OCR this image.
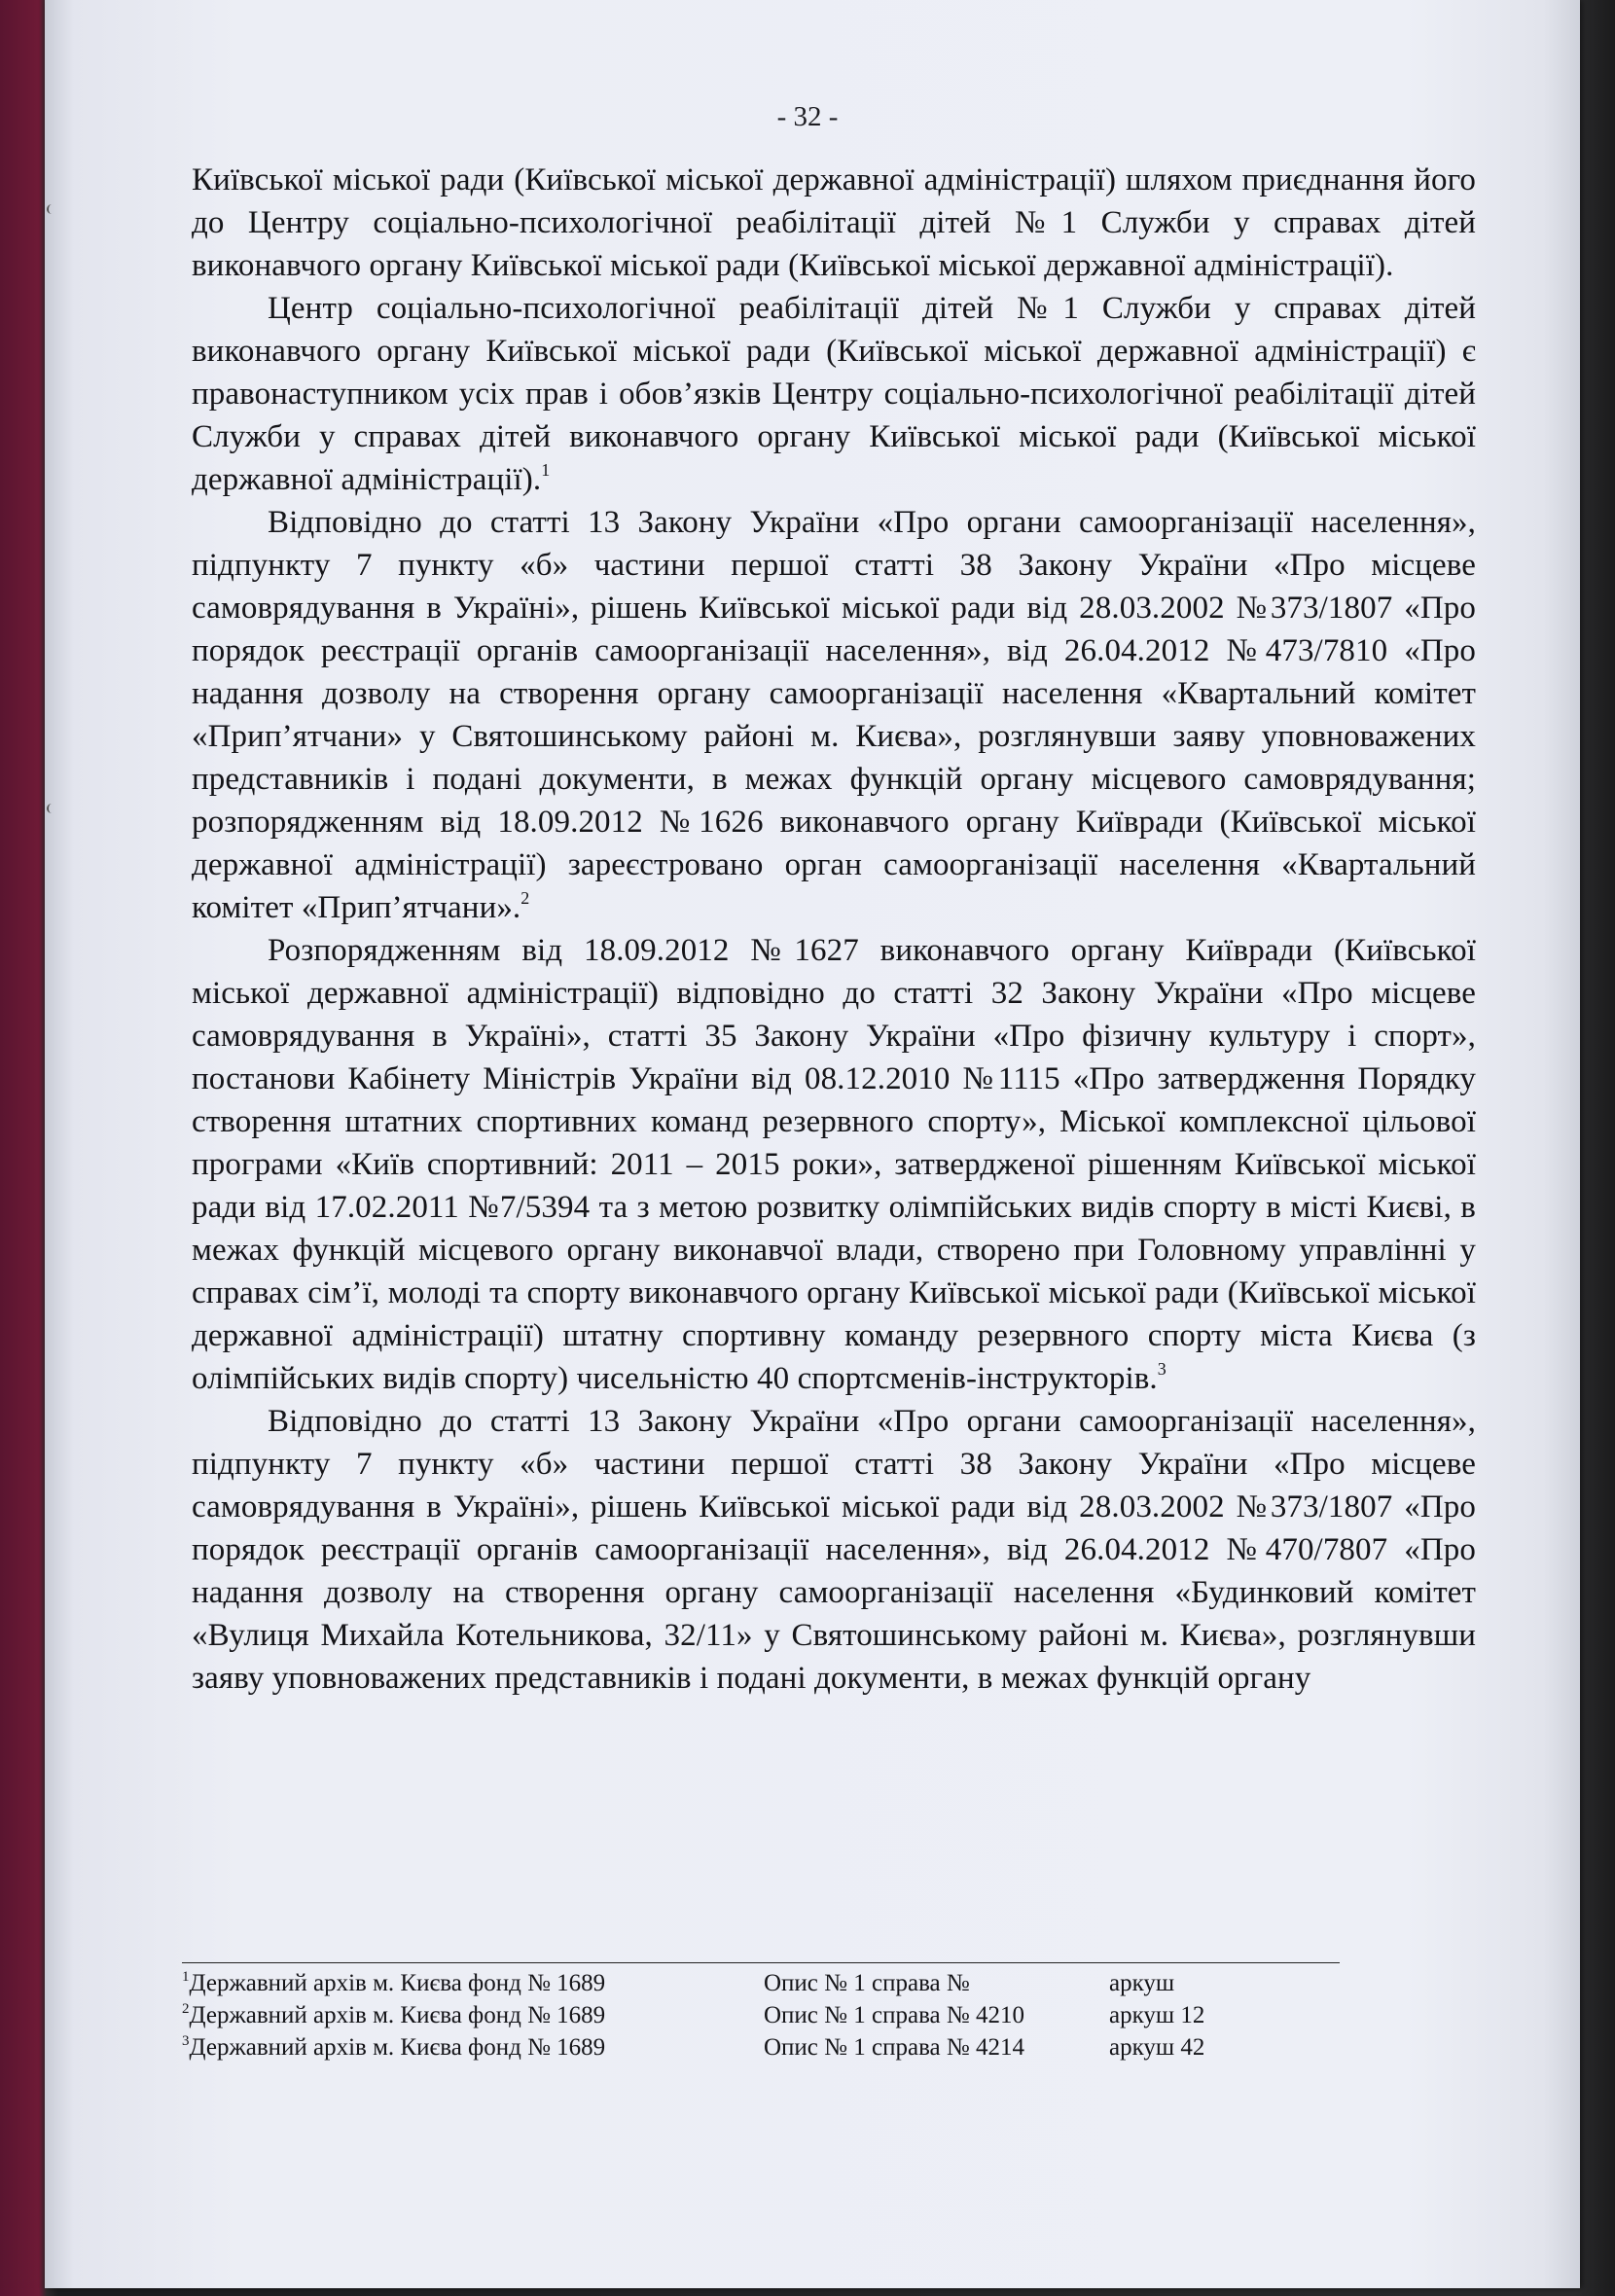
- 32 -

Київської міської ради (Київської міської державної адміністрації) шляхом приєднання його до Центру соціально-психологічної реабілітації дітей №1 Служби у справах дітей виконавчого органу Київської міської ради (Київської міської державної адміністрації).

Центр соціально-психологічної реабілітації дітей №1 Служби у справах дітей виконавчого органу Київської міської ради (Київської міської державної адміністрації) є правонаступником усіх прав і обов’язків Центру соціально-психологічної реабілітації дітей Служби у справах дітей виконавчого органу Київської міської ради (Київської міської державної адміністрації).$^1$

Відповідно до статті 13 Закону України «Про органи самоорганізації населення», підпункту 7 пункту «б» частини першої статті 38 Закону України «Про місцеве самоврядування в Україні», рішень Київської міської ради від 28.03.2002 №373/1807 «Про порядок реєстрації органів самоорганізації населення», від 26.04.2012 №473/7810 «Про надання дозволу на створення органу самоорганізації населення «Квартальний комітет «Прип’ятчани» у Святошинському районі м. Києва», розглянувши заяву уповноважених представників і подані документи, в межах функцій органу місцевого самоврядування; розпорядженням від 18.09.2012 №1626 виконавчого органу Київради (Київської міської державної адміністрації) зареєстровано орган самоорганізації населення «Квартальний комітет «Прип’ятчани».$^2$

Розпорядженням від 18.09.2012 №1627 виконавчого органу Київради (Київської міської державної адміністрації) відповідно до статті 32 Закону України «Про місцеве самоврядування в Україні», статті 35 Закону України «Про фізичну культуру і спорт», постанови Кабінету Міністрів України від 08.12.2010 №1115 «Про затвердження Порядку створення штатних спортивних команд резервного спорту», Міської комплексної цільової програми «Київ спортивний: 2011 – 2015 роки», затвердженої рішенням Київської міської ради від 17.02.2011 №7/5394 та з метою розвитку олімпійських видів спорту в місті Києві, в межах функцій місцевого органу виконавчої влади, створено при Головному управлінні у справах сім’ї, молоді та спорту виконавчого органу Київської міської ради (Київської міської державної адміністрації) штатну спортивну команду резервного спорту міста Києва (з олімпійських видів спорту) чисельністю 40 спортсменів-інструкторів.$^3$

Відповідно до статті 13 Закону України «Про органи самоорганізації населення», підпункту 7 пункту «б» частини першої статті 38 Закону України «Про місцеве самоврядування в Україні», рішень Київської міської ради від 28.03.2002 №373/1807 «Про порядок реєстрації органів самоорганізації населення», від 26.04.2012 №470/7807 «Про надання дозволу на створення органу самоорганізації населення «Будинковий комітет «Вулиця Михайла Котельникова, 32/11» у Святошинському районі м. Києва», розглянувши заяву уповноважених представників і подані документи, в межах функцій органу

$^1$Державний архів м. Києва фонд № 1689	Опис № 1 справа №	аркуш
$^2$Державний архів м. Києва фонд № 1689	Опис № 1 справа № 4210	аркуш 12
$^3$Державний архів м. Києва фонд № 1689	Опис № 1 справа № 4214	аркуш 42
